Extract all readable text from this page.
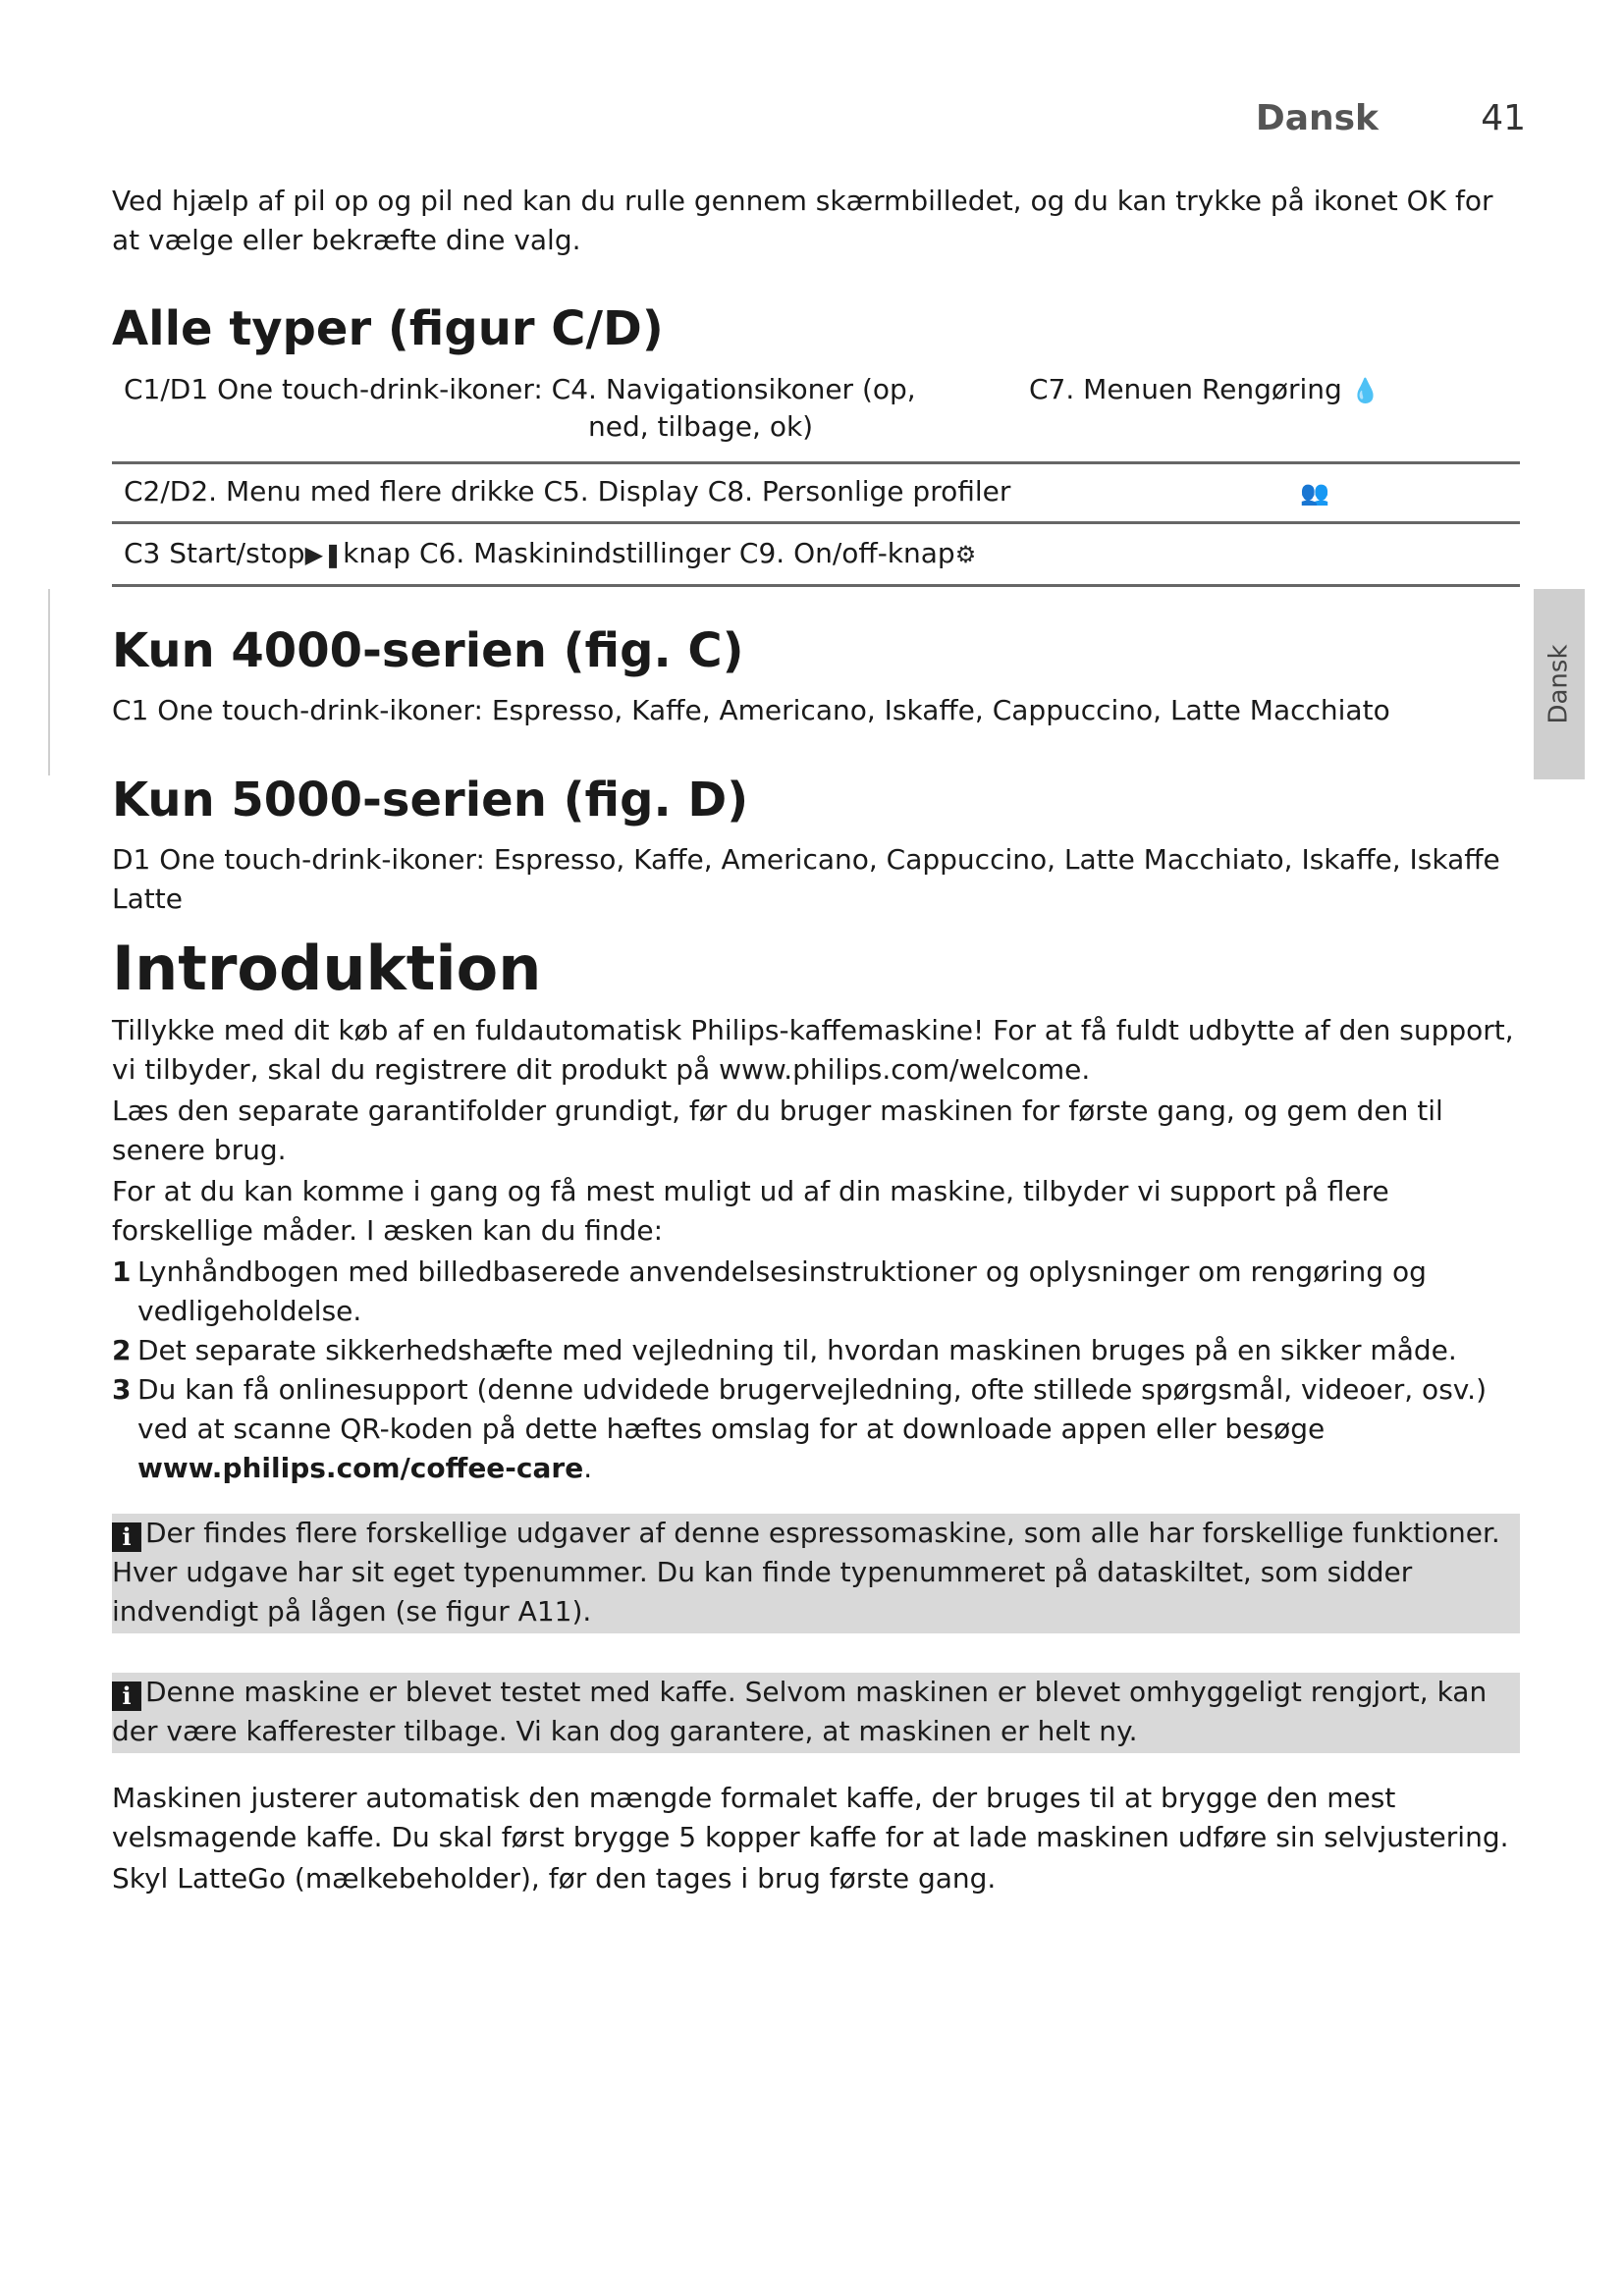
Dansk	41
Dansk

Ved hjælp af pil op og pil ned kan du rulle gennem skærmbilledet, og du kan trykke på ikonet OK for at vælge eller bekræfte dine valg.

Alle typer (figur C/D)
C1/D1 One touch-drink-ikoner: C4. Navigationsikoner (op,
ned, tilbage, ok)
C7. Menuen Rengøring 💧
C2/D2. Menu med flere drikke C5. Display C8. Personlige profiler	👥
C3 Start/stop▶❚knap C6. Maskinindstillinger C9. On/off-knap⚙
Kun 4000-serien (fig. C)

C1 One touch-drink-ikoner: Espresso, Kaffe, Americano, Iskaffe, Cappuccino, Latte Macchiato

Kun 5000-serien (fig. D)

D1 One touch-drink-ikoner: Espresso, Kaffe, Americano, Cappuccino, Latte Macchiato, Iskaffe, Iskaffe Latte

Introduktion

Tillykke med dit køb af en fuldautomatisk Philips-kaffemaskine! For at få fuldt udbytte af den support, vi tilbyder, skal du registrere dit produkt på www.philips.com/welcome.

Læs den separate garantifolder grundigt, før du bruger maskinen for første gang, og gem den til senere brug.

For at du kan komme i gang og få mest muligt ud af din maskine, tilbyder vi support på flere forskellige måder. I æsken kan du finde:

1 Lynhåndbogen med billedbaserede anvendelsesinstruktioner og oplysninger om rengøring og vedligeholdelse.
2 Det separate sikkerhedshæfte med vejledning til, hvordan maskinen bruges på en sikker måde.
3 Du kan få onlinesupport (denne udvidede brugervejledning, ofte stillede spørgsmål, videoer, osv.) ved at scanne QR-koden på dette hæftes omslag for at downloade appen eller besøge www.philips.com/coffee-care.
i Der findes flere forskellige udgaver af denne espressomaskine, som alle har forskellige funktioner. Hver udgave har sit eget typenummer. Du kan finde typenummeret på dataskiltet, som sidder indvendigt på lågen (se figur A11).
i Denne maskine er blevet testet med kaffe. Selvom maskinen er blevet omhyggeligt rengjort, kan der være kafferester tilbage. Vi kan dog garantere, at maskinen er helt ny.

Maskinen justerer automatisk den mængde formalet kaffe, der bruges til at brygge den mest velsmagende kaffe. Du skal først brygge 5 kopper kaffe for at lade maskinen udføre sin selvjustering.

Skyl LatteGo (mælkebeholder), før den tages i brug første gang.
